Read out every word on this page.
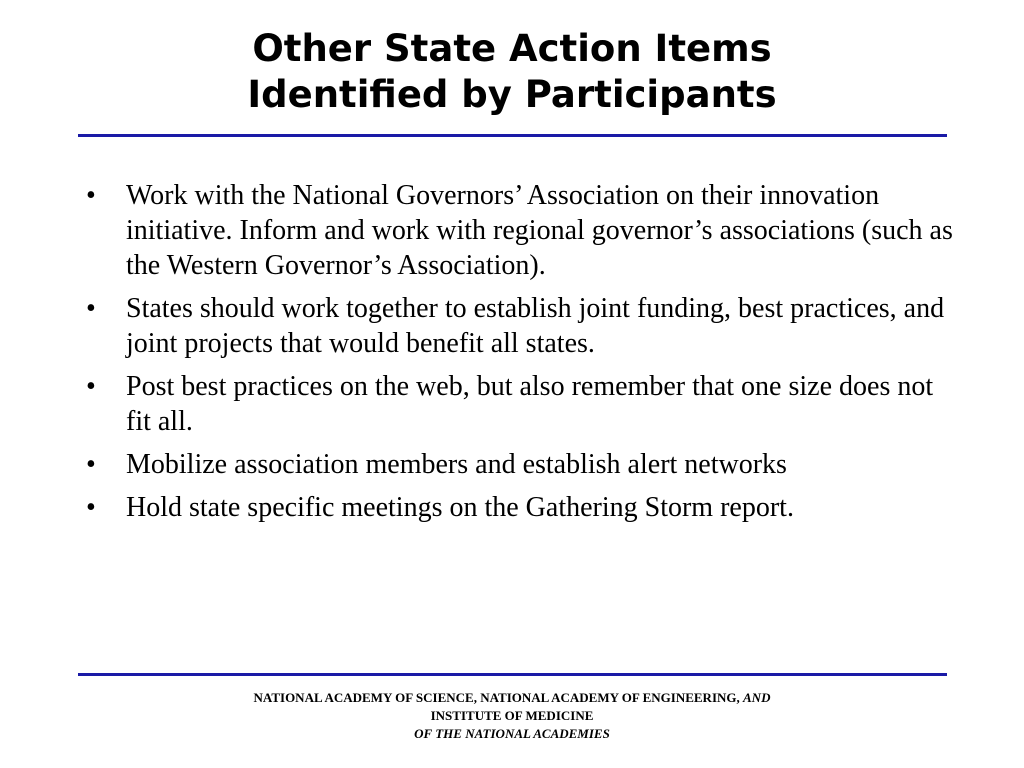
Other State Action Items
Identified by Participants
• Work with the National Governors’ Association on their innovation initiative. Inform and work with regional governor’s associations (such as the Western Governor’s Association).
• States should work together to establish joint funding, best practices, and joint projects that would benefit all states.
• Post best practices on the web, but also remember that one size does not fit all.
• Mobilize association members and establish alert networks
• Hold state specific meetings on the Gathering Storm report.
NATIONAL ACADEMY OF SCIENCE, NATIONAL ACADEMY OF ENGINEERING, AND
INSTITUTE OF MEDICINE
OF THE NATIONAL ACADEMIES
